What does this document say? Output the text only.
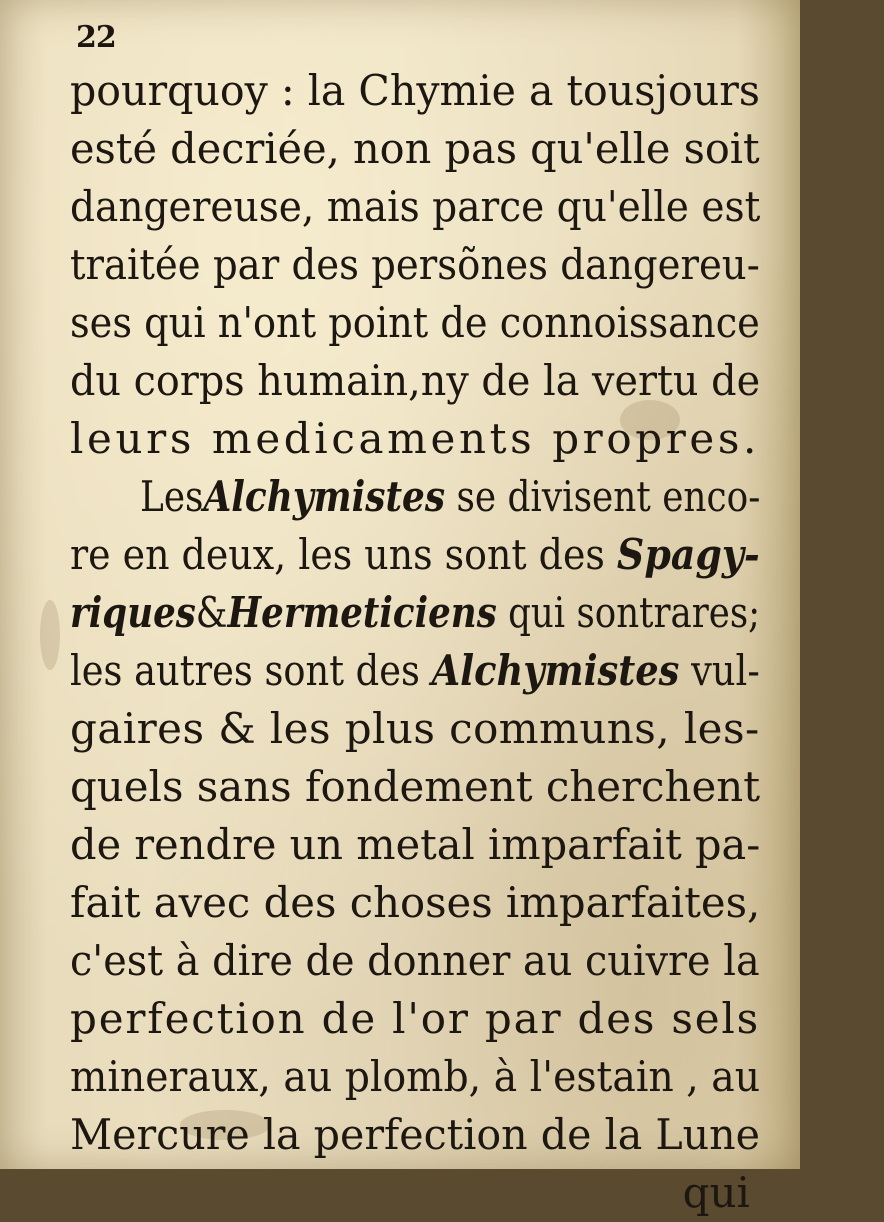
22
pourquoy : la Chymie a tousjours
esté decriée, non pas qu'elle soit
dangereuse, mais parce qu'elle est
traitée par des persõnes dangereu-
ses qui n'ont point de connoissance
du corps humain,ny de la vertu de
leurs medicaments propres.
LesAlchymistes se divisent enco-
re en deux, les uns sont des Spagy-
riques&Hermeticiens qui sontrares;
les autres sont des Alchymistes vul-
gaires & les plus communs, les-
quels sans fondement cherchent
de rendre un metal imparfait pa-
fait avec des choses imparfaites,
c'est à dire de donner au cuivre la
perfection de l'or par des sels
mineraux, au plomb, à l'estain , au
Mercure la perfection de la Lune
qui
